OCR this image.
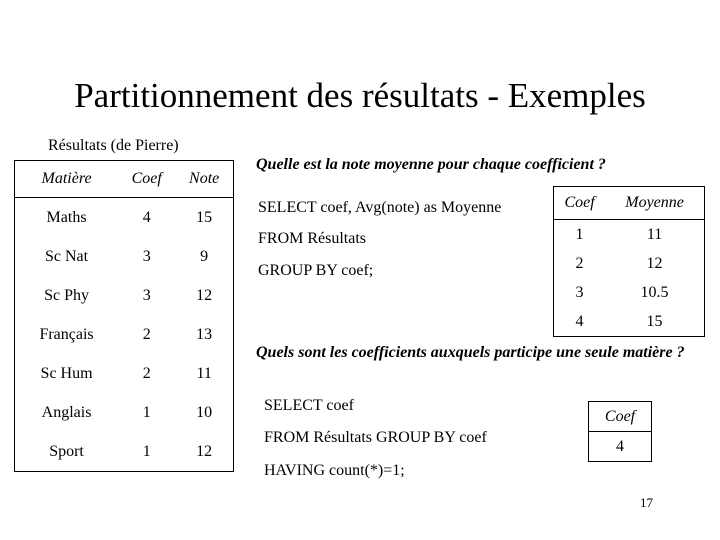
Partitionnement des résultats - Exemples
Résultats (de Pierre)
Matière	Coef	Note
Maths	4	15
Sc Nat	3	9
Sc Phy	3	12
Français	2	13
Sc Hum	2	11
Anglais	1	10
Sport	1	12
Quelle est la note moyenne pour chaque coefficient ?
SELECT coef, Avg(note) as Moyenne
FROM Résultats
GROUP BY coef;
Coef	Moyenne
1	11
2	12
3	10.5
4	15
Quels sont les coefficients auxquels participe une seule matière ?
SELECT coef
FROM Résultats GROUP BY coef
HAVING count(*)=1;
Coef
4
17
